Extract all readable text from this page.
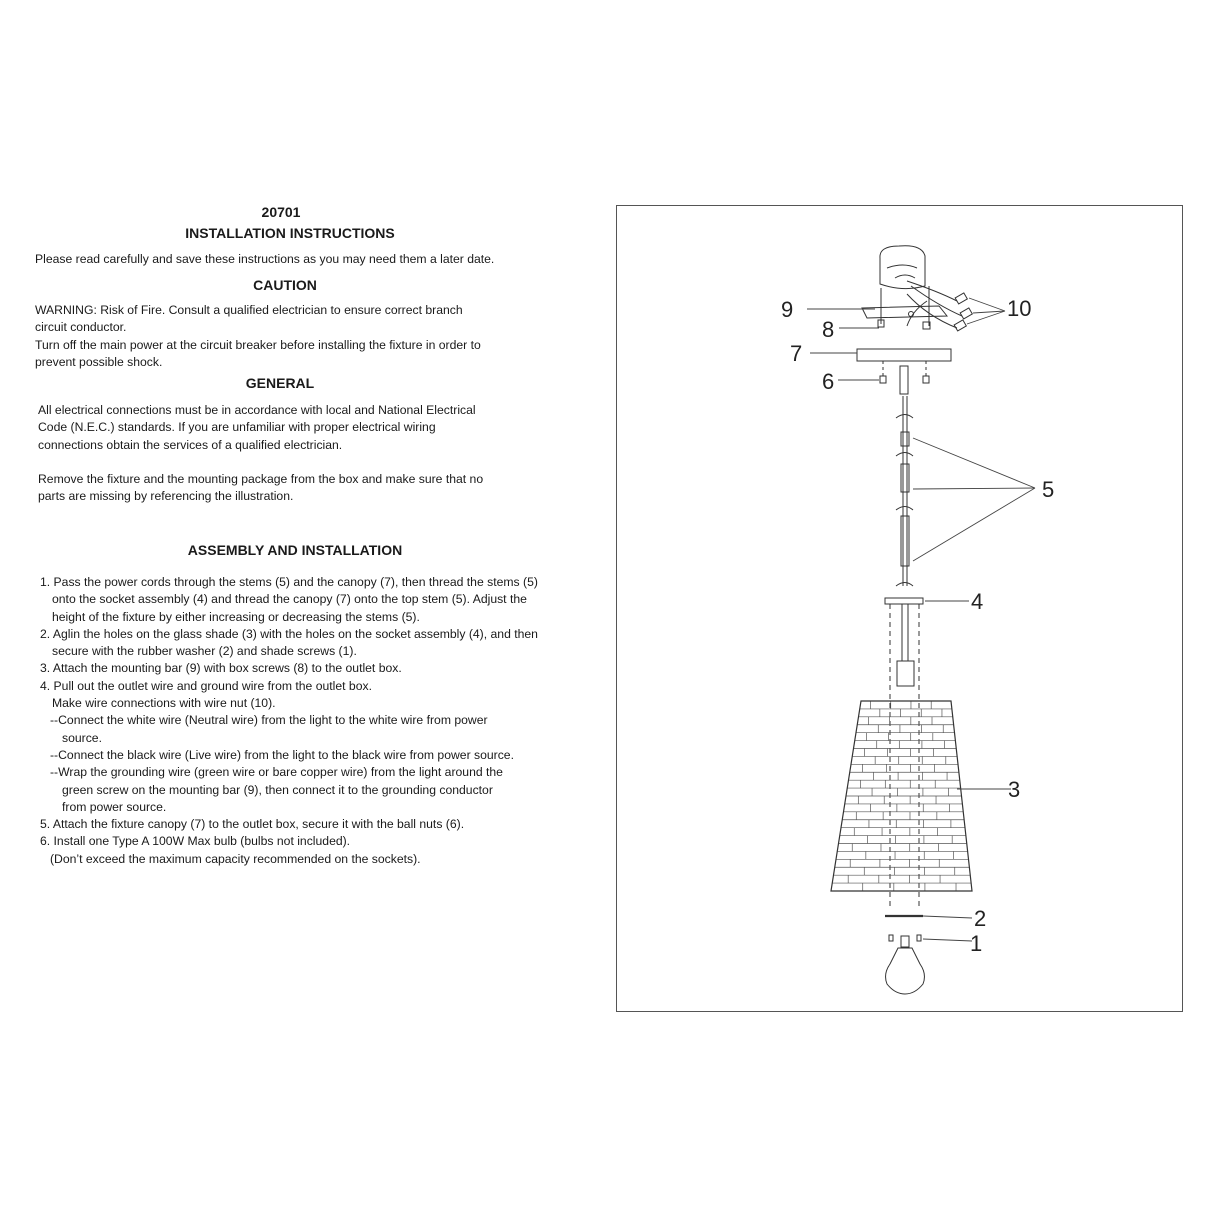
20701
INSTALLATION INSTRUCTIONS
Please read carefully and save these instructions as you may need them a later date.
CAUTION
WARNING: Risk of Fire. Consult a qualified electrician to ensure correct branch
circuit conductor.
Turn off the main power at the circuit breaker before installing the fixture in order to
prevent possible shock.
GENERAL
All electrical connections must be in accordance with local and National Electrical
Code (N.E.C.) standards. If you are unfamiliar with proper electrical wiring
connections obtain the services of a qualified electrician.
Remove the fixture and the mounting package from the box and make sure that no
parts are missing by referencing the illustration.
ASSEMBLY AND INSTALLATION
1. Pass the power cords through the stems (5) and the canopy (7), then thread the stems (5)
onto the socket assembly (4) and thread the canopy (7) onto the top stem (5). Adjust the
height of the fixture by either increasing or decreasing the stems (5).
2. Aglin the holes on the glass shade (3) with the holes on the socket assembly (4), and then
secure with the rubber washer (2) and shade screws (1).
3. Attach the mounting bar (9) with box screws (8) to the outlet box.
4. Pull out the outlet wire and ground wire from the outlet box.
Make wire connections with wire nut (10).
--Connect the white wire (Neutral wire) from the light to the white wire from power
source.
--Connect the black wire (Live wire) from the light to the black wire from power source.
--Wrap the grounding wire (green wire or bare copper wire) from the light around the
green screw on the mounting bar (9), then connect it to the grounding conductor
from power source.
5. Attach the fixture canopy (7) to the outlet box, secure it with the ball nuts (6).
6. Install one Type A 100W Max bulb (bulbs not included).
(Don’t exceed the maximum capacity recommended on the sockets).
1
2
3
4
5
6
7
8
9	10
